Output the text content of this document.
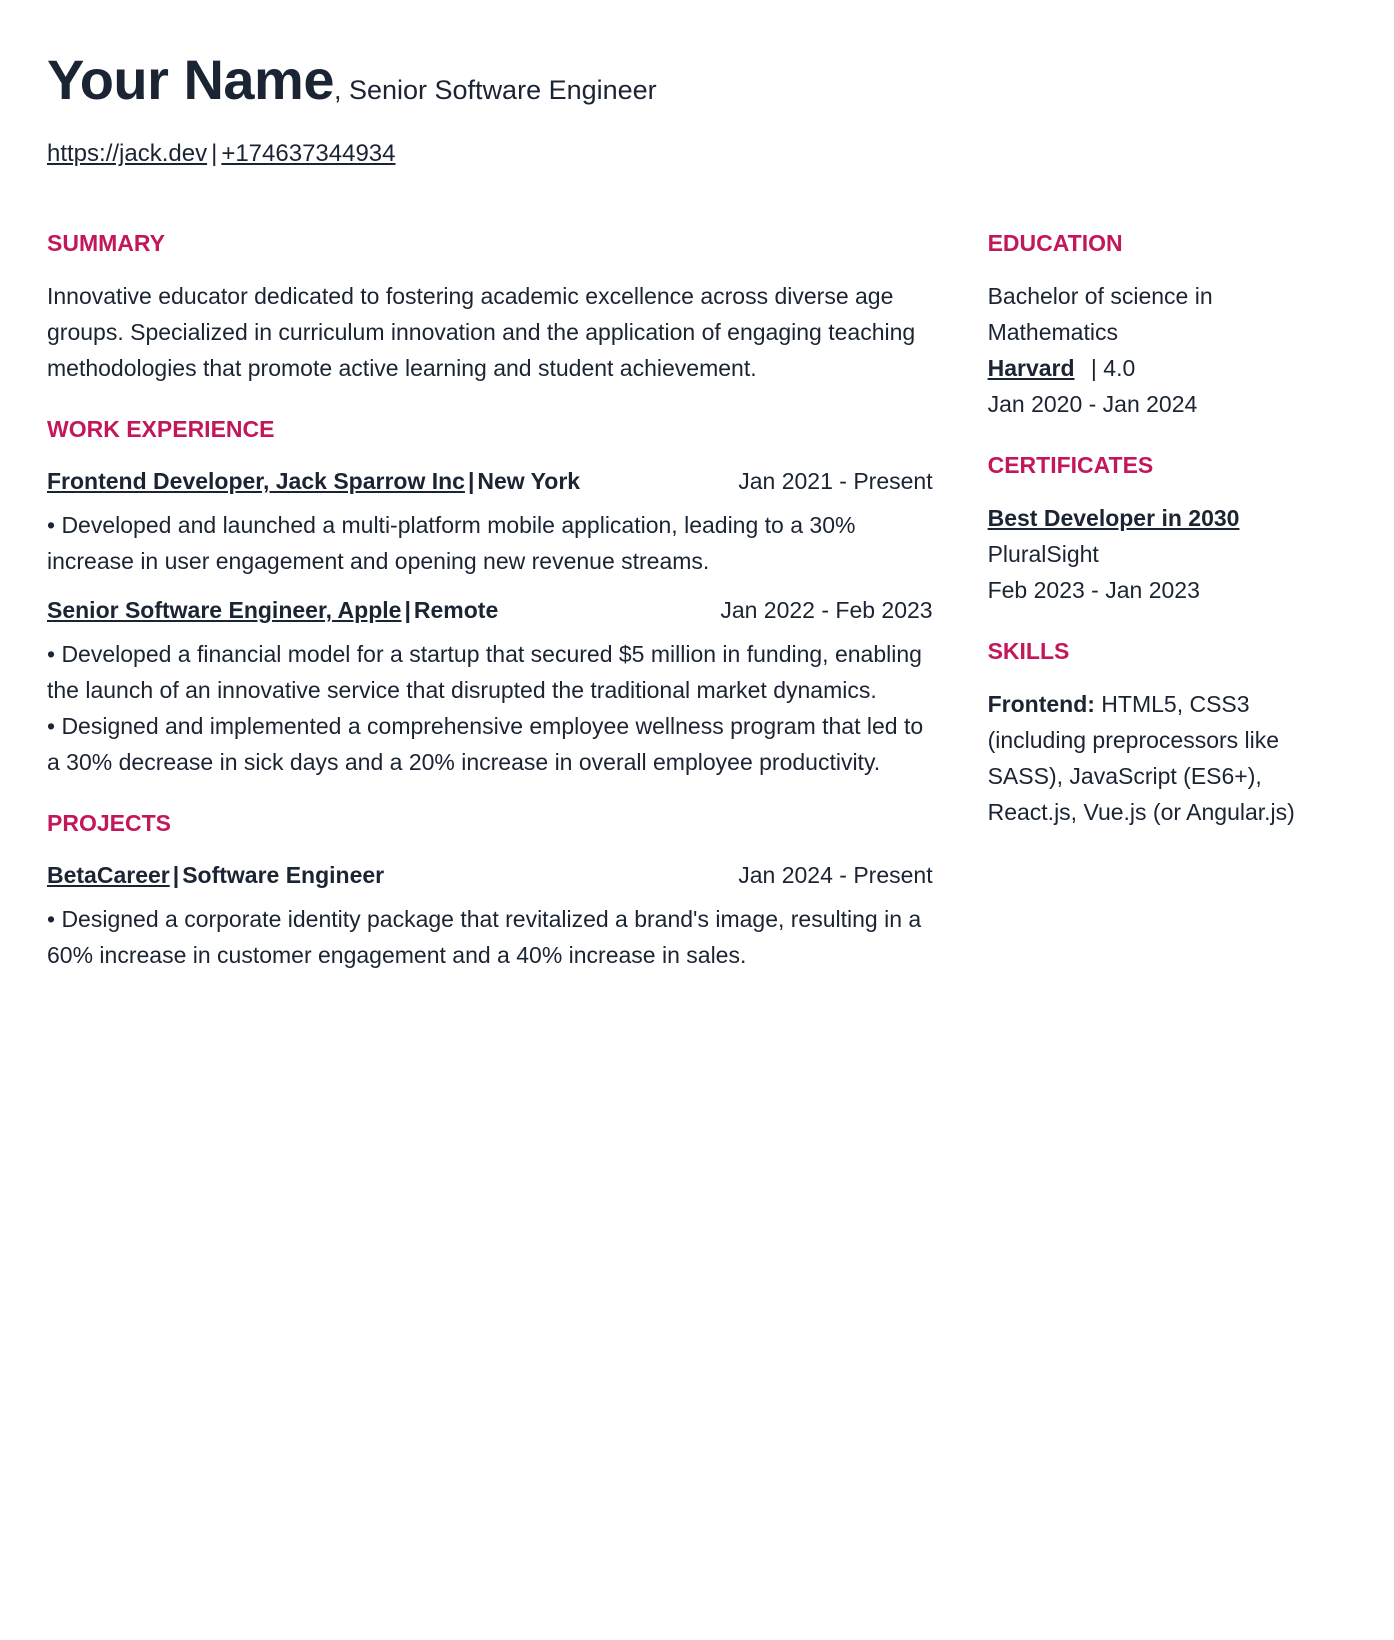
Your Name, Senior Software Engineer
https://jack.dev | +174637344934
SUMMARY
Innovative educator dedicated to fostering academic excellence across diverse age groups. Specialized in curriculum innovation and the application of engaging teaching methodologies that promote active learning and student achievement.
WORK EXPERIENCE
Frontend Developer, Jack Sparrow Inc | New York	Jan 2021 - Present
• Developed and launched a multi-platform mobile application, leading to a 30% increase in user engagement and opening new revenue streams.
Senior Software Engineer, Apple | Remote	Jan 2022 - Feb 2023
• Developed a financial model for a startup that secured $5 million in funding, enabling the launch of an innovative service that disrupted the traditional market dynamics.
• Designed and implemented a comprehensive employee wellness program that led to a 30% decrease in sick days and a 20% increase in overall employee productivity.
PROJECTS
BetaCareer | Software Engineer	Jan 2024 - Present
• Designed a corporate identity package that revitalized a brand's image, resulting in a 60% increase in customer engagement and a 40% increase in sales.
EDUCATION
Bachelor of science in Mathematics
Harvard | 4.0
Jan 2020 - Jan 2024
CERTIFICATES
Best Developer in 2030
PluralSight
Feb 2023 - Jan 2023
SKILLS
Frontend: HTML5, CSS3 (including preprocessors like SASS), JavaScript (ES6+), React.js, Vue.js (or Angular.js)
